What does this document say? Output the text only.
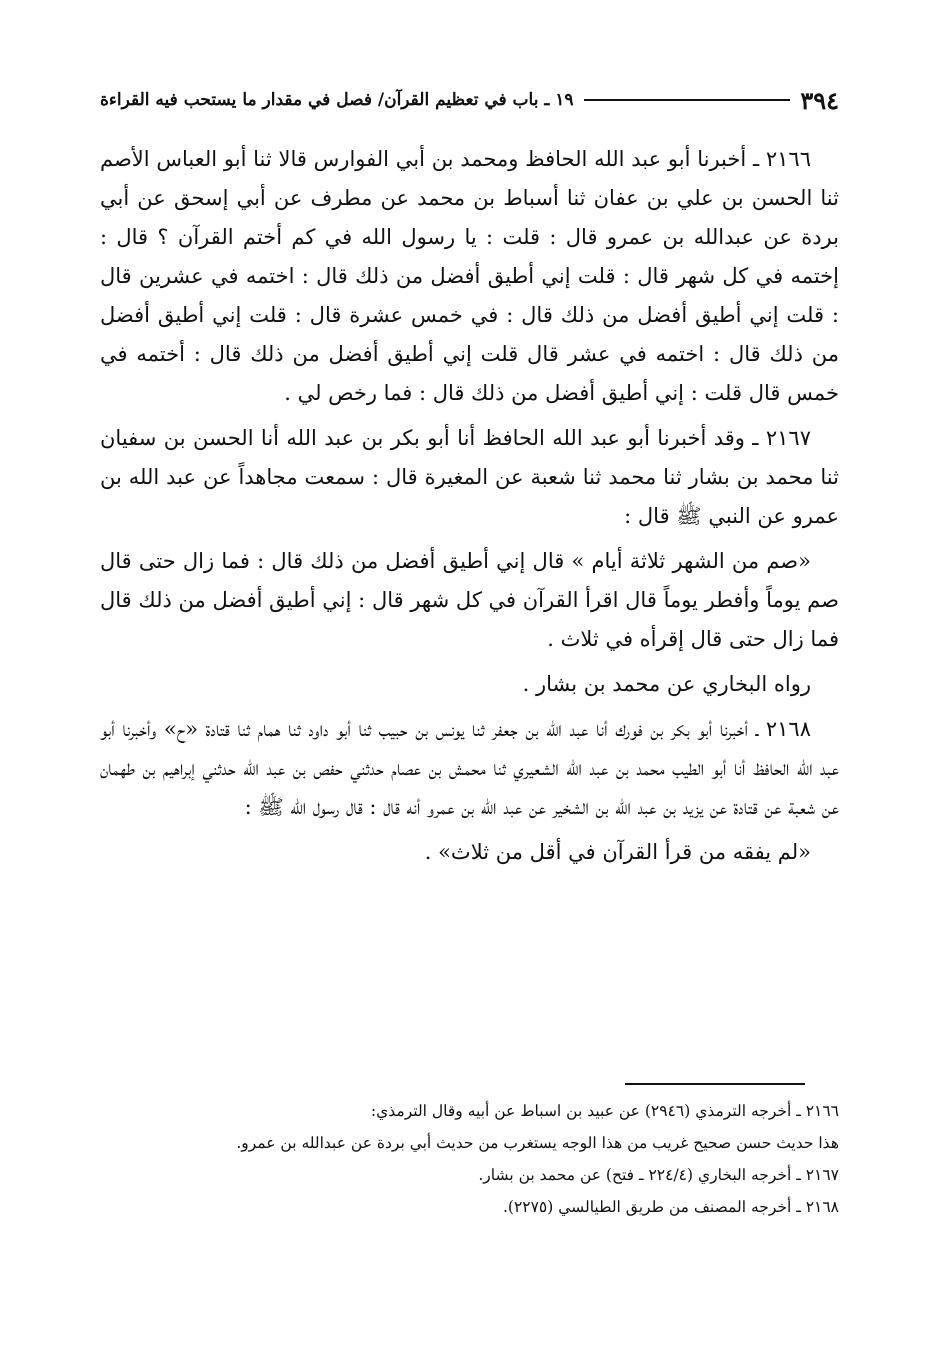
٣٩٤
١٩ ـ باب في تعظيم القرآن/ فصل في مقدار ما يستحب فيه القراءة

٢١٦٦ ـ أخبرنا أبو عبد الله الحافظ ومحمد بن أبي الفوارس قالا ثنا أبو العباس الأصم ثنا الحسن بن علي بن عفان ثنا أسباط بن محمد عن مطرف عن أبي إسحق عن أبي بردة عن عبدالله بن عمرو قال : قلت : يا رسول الله في كم أختم القرآن ؟ قال : إختمه في كل شهر قال : قلت إني أطيق أفضل من ذلك قال : اختمه في عشرين قال : قلت إني أطيق أفضل من ذلك قال : في خمس عشرة قال : قلت إني أطيق أفضل من ذلك قال : اختمه في عشر قال قلت إني أطيق أفضل من ذلك قال : أختمه في خمس قال قلت : إني أطيق أفضل من ذلك قال : فما رخص لي .

٢١٦٧ ـ وقد أخبرنا أبو عبد الله الحافظ أنا أبو بكر بن عبد الله أنا الحسن بن سفيان ثنا محمد بن بشار ثنا محمد ثنا شعبة عن المغيرة قال : سمعت مجاهداً عن عبد الله بن عمرو عن النبي ﷺ قال :

«صم من الشهر ثلاثة أيام » قال إني أطيق أفضل من ذلك قال : فما زال حتى قال صم يوماً وأفطر يوماً قال اقرأ القرآن في كل شهر قال : إني أطيق أفضل من ذلك قال فما زال حتى قال إقرأه في ثلاث .

رواه البخاري عن محمد بن بشار .

٢١٦٨ ـ أخبرنا أبو بكر بن فورك أنا عبد الله بن جعفر ثنا يونس بن حبيب ثنا أبو داود ثنا همام ثنا قتادة «ح» وأخبرنا أبو عبد الله الحافظ أنا أبو الطيب محمد بن عبد الله الشعيري ثنا محمش بن عصام حدثني حفص بن عبد الله حدثني إبراهيم بن طهمان عن شعبة عن قتادة عن يزيد بن عبد الله بن الشخير عن عبد الله بن عمرو أنه قال : قال رسول الله ﷺ :

«لم يفقه من قرأ القرآن في أقل من ثلاث» .

٢١٦٦ ـ أخرجه الترمذي (٢٩٤٦) عن عبيد بن اسباط عن أبيه وقال الترمذي:

هذا حديث حسن صحيح غريب من هذا الوجه يستغرب من حديث أبي بردة عن عبدالله بن عمرو.

٢١٦٧ ـ أخرجه البخاري (٢٢٤/٤ ـ فتح) عن محمد بن بشار.

٢١٦٨ ـ أخرجه المصنف من طريق الطيالسي (٢٢٧٥).
